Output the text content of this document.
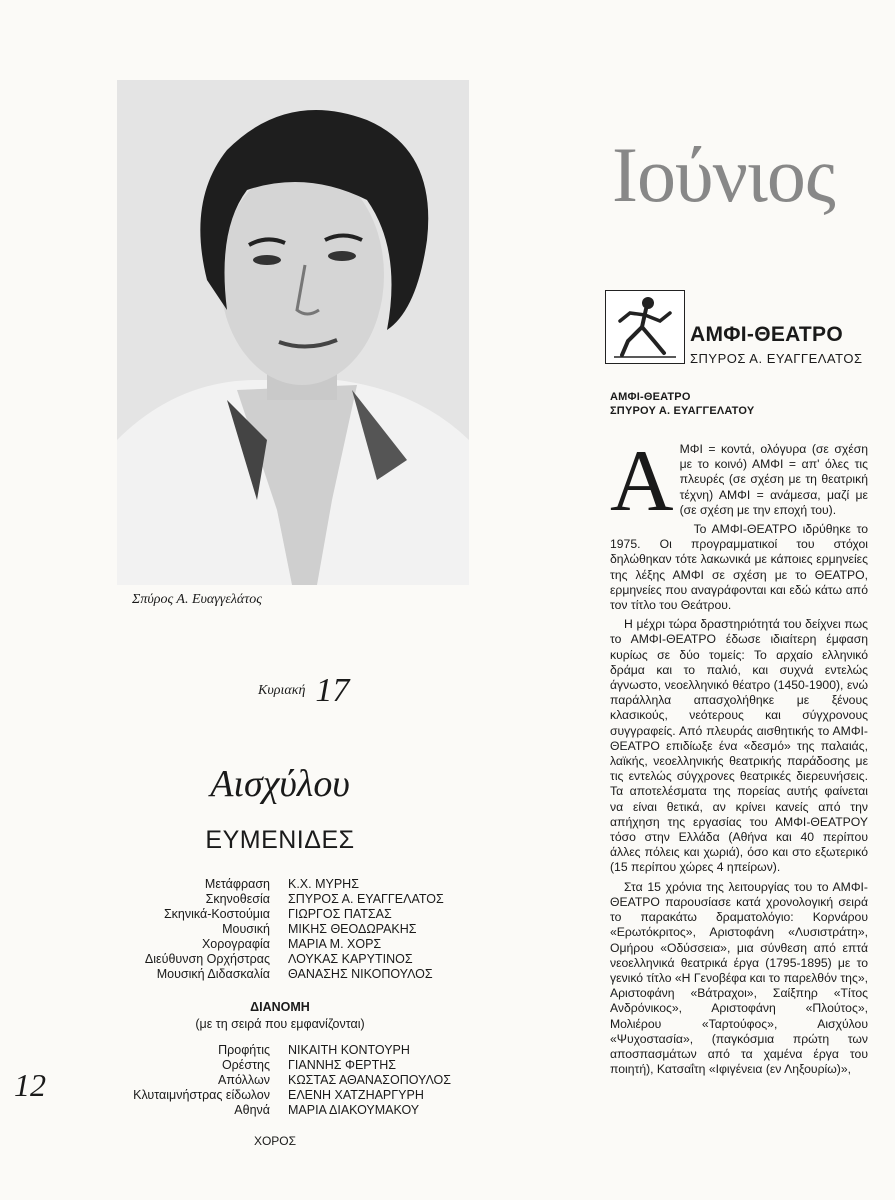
Σπύρος Α. Ευαγγελάτος
Κυριακή 17
Αισχύλου
ΕΥΜΕΝΙΔΕΣ
Μετάφραση	Κ.Χ. ΜΥΡΗΣ
Σκηνοθεσία	ΣΠΥΡΟΣ Α. ΕΥΑΓΓΕΛΑΤΟΣ
Σκηνικά-Κοστούμια	ΓΙΩΡΓΟΣ ΠΑΤΣΑΣ
Μουσική	ΜΙΚΗΣ ΘΕΟΔΩΡΑΚΗΣ
Χορογραφία	ΜΑΡΙΑ Μ. ΧΟΡΣ
Διεύθυνση Ορχήστρας	ΛΟΥΚΑΣ ΚΑΡΥΤΙΝΟΣ
Μουσική Διδασκαλία	ΘΑΝΑΣΗΣ ΝΙΚΟΠΟΥΛΟΣ
ΔΙΑΝΟΜΗ
(με τη σειρά που εμφανίζονται)
Προφήτις	ΝΙΚΑΙΤΗ ΚΟΝΤΟΥΡΗ
Ορέστης	ΓΙΑΝΝΗΣ ΦΕΡΤΗΣ
Απόλλων	ΚΩΣΤΑΣ ΑΘΑΝΑΣΟΠΟΥΛΟΣ
Κλυταιμνήστρας είδωλον	ΕΛΕΝΗ ΧΑΤΖΗΑΡΓΥΡΗ
Αθηνά	ΜΑΡΙΑ ΔΙΑΚΟΥΜΑΚΟΥ
ΧΟΡΟΣ
12
Ιούνιος
ΑΜΦΙ-ΘΕΑΤΡΟ
ΣΠΥΡΟΣ Α. ΕΥΑΓΓΕΛΑΤΟΣ
ΑΜΦΙ-ΘΕΑΤΡΟ
ΣΠΥΡΟΥ Α. ΕΥΑΓΓΕΛΑΤΟΥ
Α ΜΦΙ = κοντά, ολόγυρα (σε σχέση με το κοινό) ΑΜΦΙ = απ' όλες τις πλευρές (σε σχέση με τη θεατρική τέχνη) ΑΜΦΙ = ανάμεσα, μαζί με (σε σχέση με την εποχή του).

Το ΑΜΦΙ-ΘΕΑΤΡΟ ιδρύθηκε το 1975. Οι προγραμματικοί του στόχοι δηλώθηκαν τότε λακωνικά με κάποιες ερμηνείες της λέξης ΑΜΦΙ σε σχέση με το ΘΕΑΤΡΟ, ερμηνείες που αναγράφονται και εδώ κάτω από τον τίτλο του Θεάτρου.

Η μέχρι τώρα δραστηριότητά του δείχνει πως το ΑΜΦΙ-ΘΕΑΤΡΟ έδωσε ιδιαίτερη έμφαση κυρίως σε δύο τομείς: Το αρχαίο ελληνικό δράμα και το παλιό, και συχνά εντελώς άγνωστο, νεοελληνικό θέατρο (1450-1900), ενώ παράλληλα απασχολήθηκε με ξένους κλασικούς, νεότερους και σύγχρονους συγγραφείς. Από πλευράς αισθητικής το ΑΜΦΙ-ΘΕΑΤΡΟ επιδίωξε ένα «δεσμό» της παλαιάς, λαϊκής, νεοελληνικής θεατρικής παράδοσης με τις εντελώς σύγχρονες θεατρικές διερευνήσεις. Τα αποτελέσματα της πορείας αυτής φαίνεται να είναι θετικά, αν κρίνει κανείς από την απήχηση της εργασίας του ΑΜΦΙ-ΘΕΑΤΡΟΥ τόσο στην Ελλάδα (Αθήνα και 40 περίπου άλλες πόλεις και χωριά), όσο και στο εξωτερικό (15 περίπου χώρες 4 ηπείρων).

Στα 15 χρόνια της λειτουργίας του το ΑΜΦΙ-ΘΕΑΤΡΟ παρουσίασε κατά χρονολογική σειρά το παρακάτω δραματολόγιο: Κορνάρου «Ερωτόκριτος», Αριστοφάνη «Λυσιστράτη», Ομήρου «Οδύσσεια», μια σύνθεση από επτά νεοελληνικά θεατρικά έργα (1795-1895) με το γενικό τίτλο «Η Γενοβέφα και το παρελθόν της», Αριστοφάνη «Βάτραχοι», Σαίξπηρ «Τίτος Ανδρόνικος», Αριστοφάνη «Πλούτος», Μολιέρου «Ταρτούφος», Αισχύλου «Ψυχοστασία», (παγκόσμια πρώτη των αποσπασμάτων από τα χαμένα έργα του ποιητή), Κατσαΐτη «Ιφιγένεια (εν Ληξουρίω)»,
